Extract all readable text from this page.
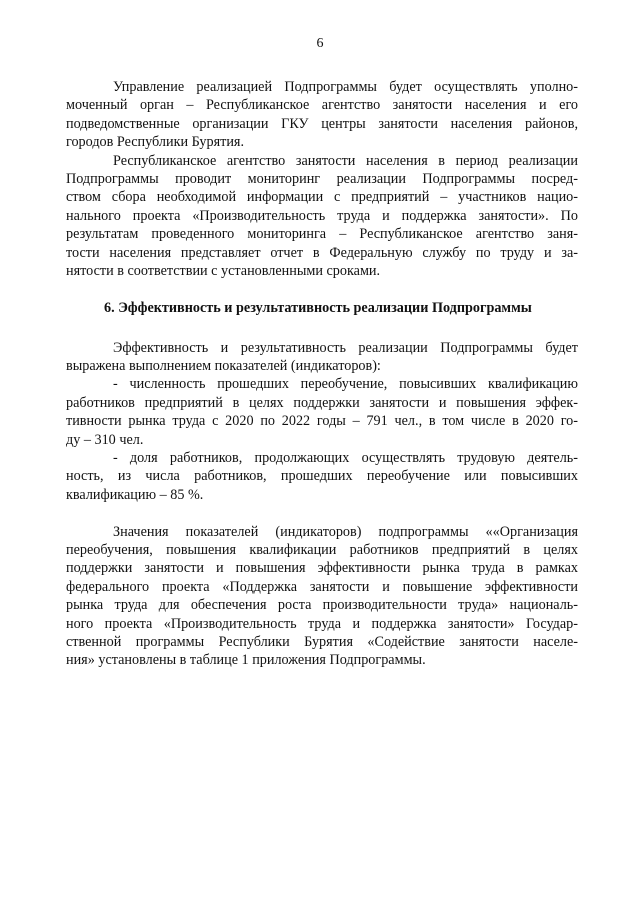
6
Управление реализацией Подпрограммы будет осуществлять уполно-
моченный орган – Республиканское агентство занятости населения и его
подведомственные организации ГКУ центры занятости населения районов,
городов Республики Бурятия.
Республиканское агентство занятости населения в период реализации
Подпрограммы проводит мониторинг реализации Подпрограммы посред-
ством сбора необходимой информации с предприятий – участников нацио-
нального проекта «Производительность труда и поддержка занятости». По
результатам проведенного мониторинга – Республиканское агентство заня-
тости населения представляет отчет в Федеральную службу по труду и за-
нятости в соответствии с установленными сроками.
6. Эффективность и результативность реализации Подпрограммы
Эффективность и результативность реализации Подпрограммы будет
выражена выполнением показателей (индикаторов):
- численность прошедших переобучение, повысивших квалификацию
работников предприятий в целях поддержки занятости и повышения эффек-
тивности рынка труда с 2020 по 2022 годы – 791 чел., в том числе в 2020 го-
ду – 310 чел.
- доля работников, продолжающих осуществлять трудовую деятель-
ность, из числа работников, прошедших переобучение или повысивших
квалификацию – 85 %.
Значения показателей (индикаторов) подпрограммы ««Организация
переобучения, повышения квалификации работников предприятий в целях
поддержки занятости и повышения эффективности рынка труда в рамках
федерального проекта «Поддержка занятости и повышение эффективности
рынка труда для обеспечения роста производительности труда» националь-
ного проекта «Производительность труда и поддержка занятости» Государ-
ственной программы Республики Бурятия «Содействие занятости населе-
ния» установлены в таблице 1 приложения Подпрограммы.
